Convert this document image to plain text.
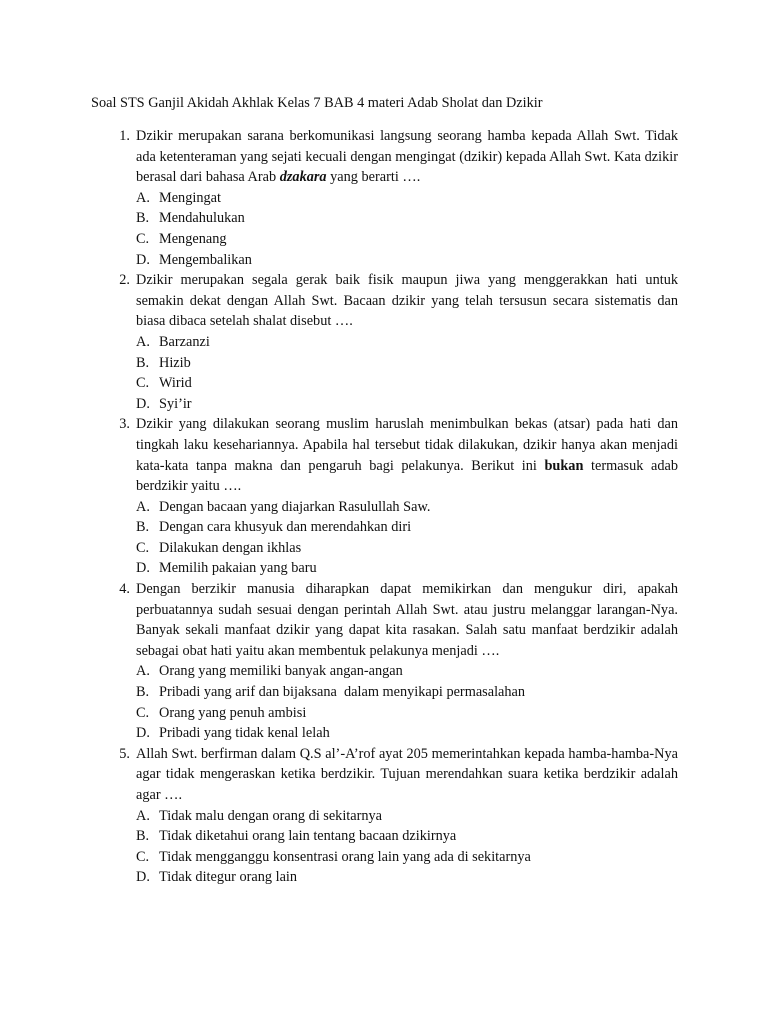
Soal STS Ganjil Akidah Akhlak Kelas 7 BAB 4 materi Adab Sholat dan Dzikir
1. Dzikir merupakan sarana berkomunikasi langsung seorang hamba kepada Allah Swt. Tidak ada ketenteraman yang sejati kecuali dengan mengingat (dzikir) kepada Allah Swt. Kata dzikir berasal dari bahasa Arab dzakara yang berarti ….
A. Mengingat
B. Mendahulukan
C. Mengenang
D. Mengembalikan
2. Dzikir merupakan segala gerak baik fisik maupun jiwa yang menggerakkan hati untuk semakin dekat dengan Allah Swt. Bacaan dzikir yang telah tersusun secara sistematis dan biasa dibaca setelah shalat disebut ….
A. Barzanzi
B. Hizib
C. Wirid
D. Syi’ir
3. Dzikir yang dilakukan seorang muslim haruslah menimbulkan bekas (atsar) pada hati dan tingkah laku kesehariannya. Apabila hal tersebut tidak dilakukan, dzikir hanya akan menjadi kata-kata tanpa makna dan pengaruh bagi pelakunya. Berikut ini bukan termasuk adab berdzikir yaitu ….
A. Dengan bacaan yang diajarkan Rasulullah Saw.
B. Dengan cara khusyuk dan merendahkan diri
C. Dilakukan dengan ikhlas
D. Memilih pakaian yang baru
4. Dengan berzikir manusia diharapkan dapat memikirkan dan mengukur diri, apakah perbuatannya sudah sesuai dengan perintah Allah Swt. atau justru melanggar larangan-Nya. Banyak sekali manfaat dzikir yang dapat kita rasakan. Salah satu manfaat berdzikir adalah sebagai obat hati yaitu akan membentuk pelakunya menjadi ….
A. Orang yang memiliki banyak angan-angan
B. Pribadi yang arif dan bijaksana  dalam menyikapi permasalahan
C. Orang yang penuh ambisi
D. Pribadi yang tidak kenal lelah
5. Allah Swt. berfirman dalam Q.S al’-A’rof ayat 205 memerintahkan kepada hamba-hamba-Nya agar tidak mengeraskan ketika berdzikir. Tujuan merendahkan suara ketika berdzikir adalah agar ….
A. Tidak malu dengan orang di sekitarnya
B. Tidak diketahui orang lain tentang bacaan dzikirnya
C. Tidak mengganggu konsentrasi orang lain yang ada di sekitarnya
D. Tidak ditegur orang lain
